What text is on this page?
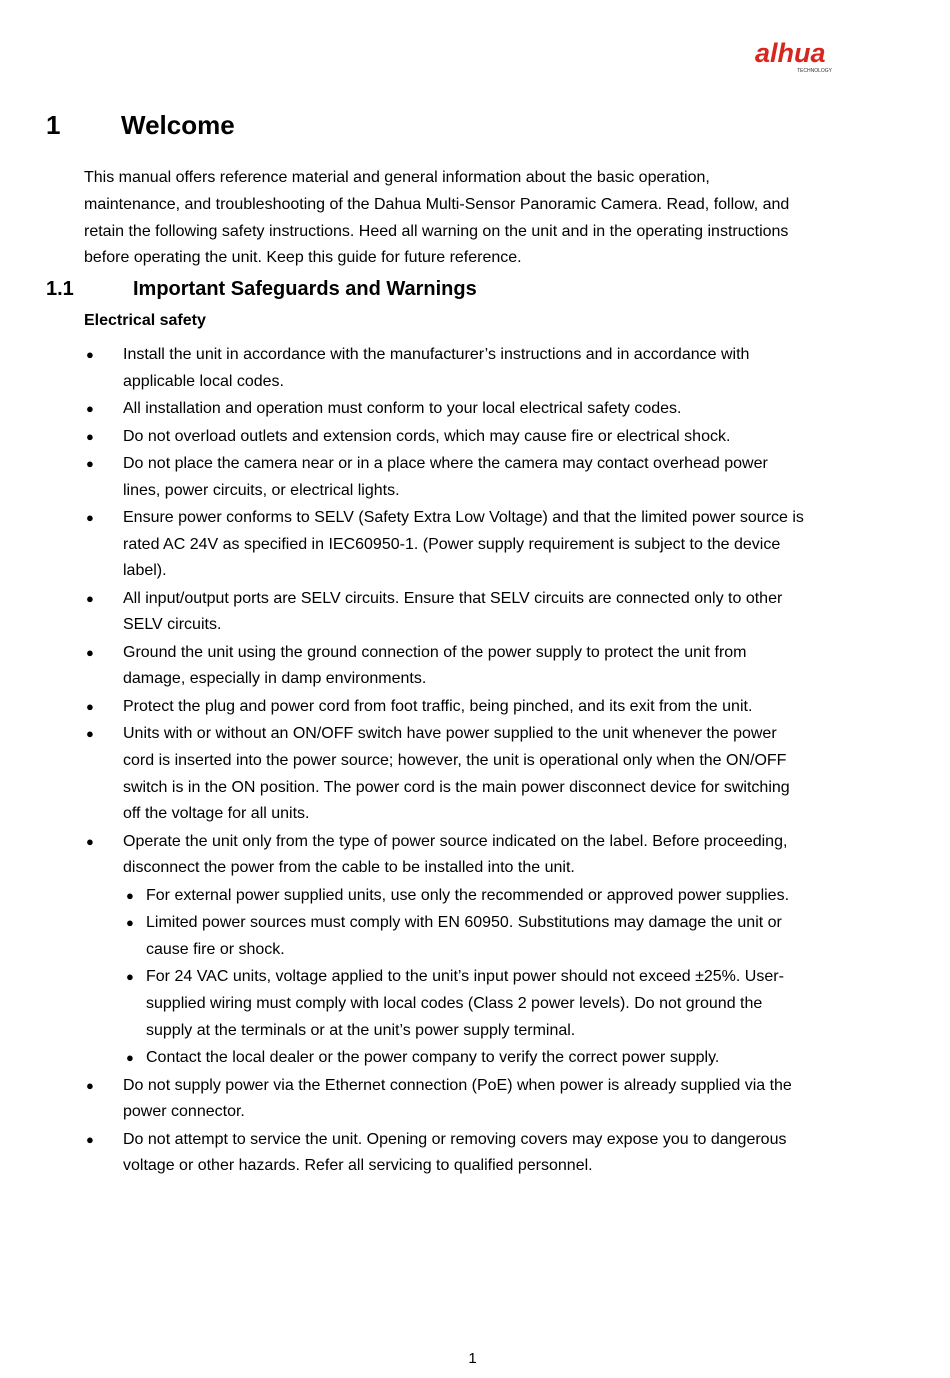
alhua
TECHNOLOGY
1 Welcome
This manual offers reference material and general information about the basic operation,
maintenance, and troubleshooting of the Dahua Multi-Sensor Panoramic Camera. Read, follow, and
retain the following safety instructions. Heed all warning on the unit and in the operating instructions
before operating the unit. Keep this guide for future reference.
1.1	Important Safeguards and Warnings
Electrical safety
● Install the unit in accordance with the manufacturer’s instructions and in accordance with
applicable local codes.
● All installation and operation must conform to your local electrical safety codes.
● Do not overload outlets and extension cords, which may cause fire or electrical shock.
● Do not place the camera near or in a place where the camera may contact overhead power
lines, power circuits, or electrical lights.
● Ensure power conforms to SELV (Safety Extra Low Voltage) and that the limited power source is
rated AC 24V as specified in IEC60950-1. (Power supply requirement is subject to the device
label).
● All input/output ports are SELV circuits. Ensure that SELV circuits are connected only to other
SELV circuits.
● Ground the unit using the ground connection of the power supply to protect the unit from
damage, especially in damp environments.
● Protect the plug and power cord from foot traffic, being pinched, and its exit from the unit.
● Units with or without an ON/OFF switch have power supplied to the unit whenever the power
cord is inserted into the power source; however, the unit is operational only when the ON/OFF
switch is in the ON position. The power cord is the main power disconnect device for switching
off the voltage for all units.
● Operate the unit only from the type of power source indicated on the label. Before proceeding,
disconnect the power from the cable to be installed into the unit.
● For external power supplied units, use only the recommended or approved power supplies.
● Limited power sources must comply with EN 60950. Substitutions may damage the unit or
cause fire or shock.
● For 24 VAC units, voltage applied to the unit’s input power should not exceed ±25%. User-
supplied wiring must comply with local codes (Class 2 power levels). Do not ground the
supply at the terminals or at the unit’s power supply terminal.
● Contact the local dealer or the power company to verify the correct power supply.
● Do not supply power via the Ethernet connection (PoE) when power is already supplied via the
power connector.
● Do not attempt to service the unit. Opening or removing covers may expose you to dangerous
voltage or other hazards. Refer all servicing to qualified personnel.
1
